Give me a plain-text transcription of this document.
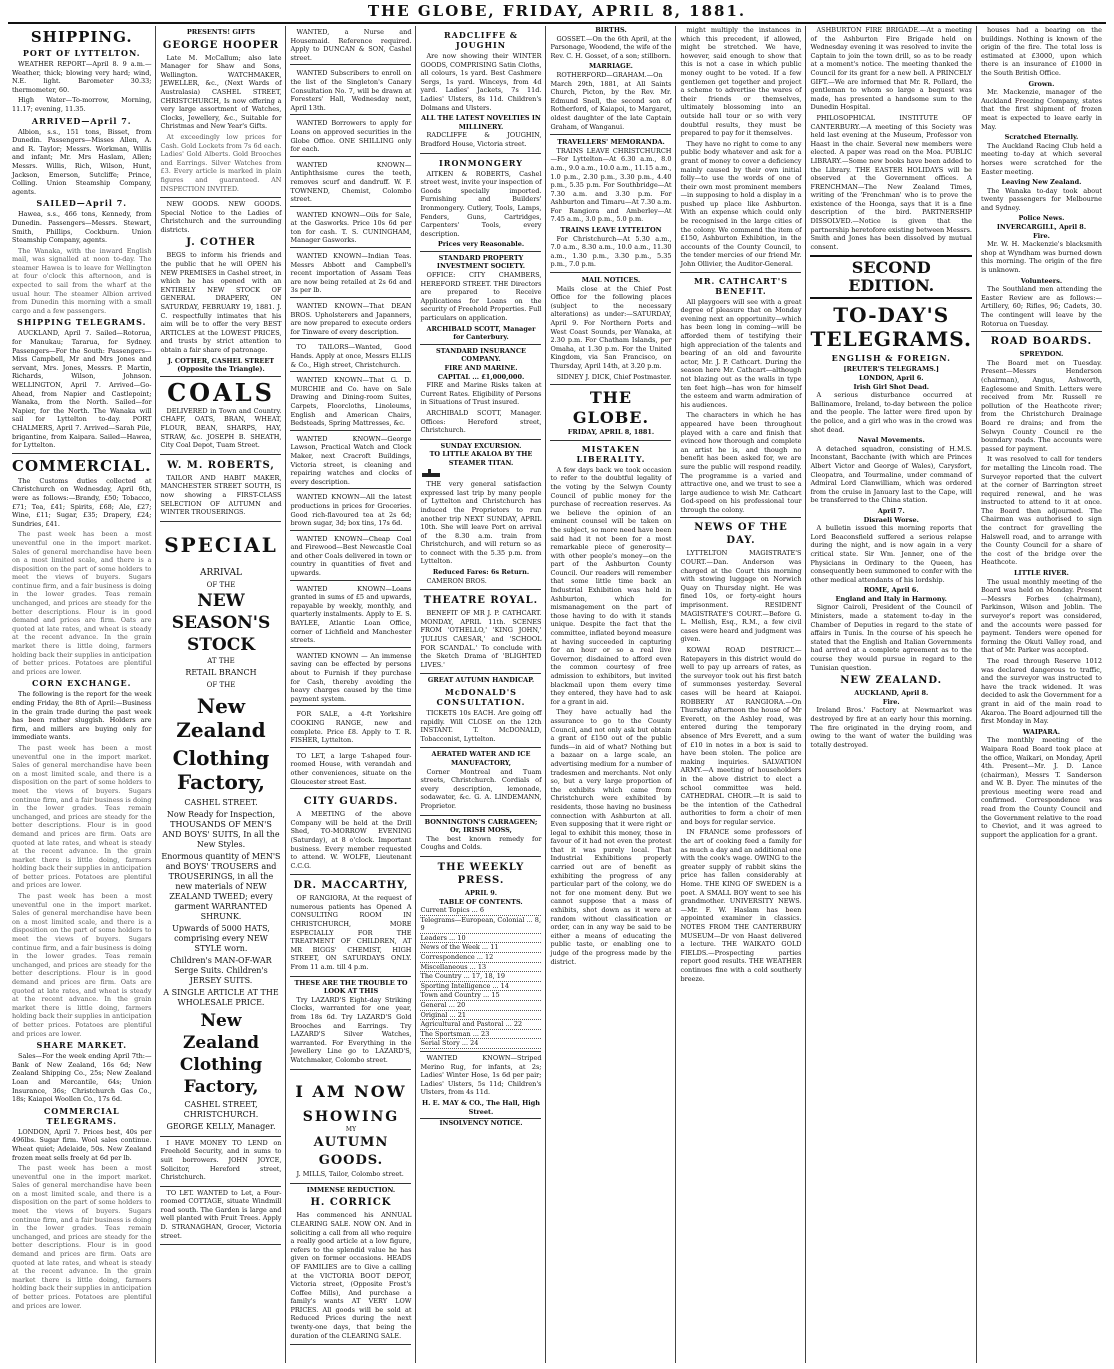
THE GLOBE, FRIDAY, APRIL 8, 1881.
SHIPPING.
PORT OF LYTTELTON.
WEATHER REPORT—April 8. 9 a.m.—Weather, thick; blowing very hard; wind, N.E. light. Barometer 30.33; thermometer, 60.
High Water—To-morrow, Morning, 11.17; evening, 11.35.
ARRIVED—April 7.
Albion, s.s., 151 tons, Bisset, from Dunedin. Passengers—Misses Allen, A. and R. Taylor; Messrs. Workman, Willis and infant; Mr. Mrs Haslam, Allen; Messrs. Willis, Rich, Wilson, Hunt, Jackson, Emerson, Sutcliffe; Prince, Colling. Union Steamship Company, agents.
SAILED—April 7.
Hawea, s.s., 466 tons, Kennedy, from Dunedin. Passengers—Messrs. Stewart, Smith, Phillips, Cockburn. Union Steamship Company, agents.
The Wanaka, with the inward English mail, was signalled at noon to-day. The steamer Hawea is to leave for Wellington at four o'clock this afternoon, and is expected to sail from the wharf at the usual hour. The steamer Albion arrived from Dunedin this morning with a small cargo and a few passengers.
SHIPPING TELEGRAMS.
AUCKLAND, April 7. Sailed—Rotorua, for Manukau; Tararua, for Sydney. Passengers—For the South: Passengers—Miss Campbell, Mr and Mrs Jones and servant, Mrs. Jones, Messrs. P. Martin, Richards, Wilson, Johnson. WELLINGTON, April 7. Arrived—Go-Ahead, from Napier and Castlepoint; Wanaka, from the North. Sailed—for Napier, for the North. The Wanaka will sail for Lyttelton to-day. PORT CHALMERS, April 7. Arrived—Sarah Pile, brigantine, from Kaipara. Sailed—Hawea, for Lyttelton.
COMMERCIAL.
The Customs duties collected at Christchurch on Wednesday, April 6th, were as follows:—Brandy, £50; Tobacco, £71; Tea, £41; Spirits, £68; Ale, £27; Wine, £11; Sugar, £35; Drapery, £24; Sundries, £41.
The past week has been a most uneventful one in the import market. Sales of general merchandise have been on a most limited scale, and there is a disposition on the part of some holders to meet the views of buyers. Sugars continue firm, and a fair business is doing in the lower grades. Teas remain unchanged, and prices are steady for the better descriptions. Flour is in good demand and prices are firm. Oats are quoted at late rates, and wheat is steady at the recent advance. In the grain market there is little doing, farmers holding back their supplies in anticipation of better prices. Potatoes are plentiful and prices are lower.
CORN EXCHANGE.
The following is the report for the week ending Friday, the 8th of April:—Business in the grain trade during the past week has been rather sluggish. Holders are firm, and millers are buying only for immediate wants.
The past week has been a most uneventful one in the import market. Sales of general merchandise have been on a most limited scale, and there is a disposition on the part of some holders to meet the views of buyers. Sugars continue firm, and a fair business is doing in the lower grades. Teas remain unchanged, and prices are steady for the better descriptions. Flour is in good demand and prices are firm. Oats are quoted at late rates, and wheat is steady at the recent advance. In the grain market there is little doing, farmers holding back their supplies in anticipation of better prices. Potatoes are plentiful and prices are lower.
The past week has been a most uneventful one in the import market. Sales of general merchandise have been on a most limited scale, and there is a disposition on the part of some holders to meet the views of buyers. Sugars continue firm, and a fair business is doing in the lower grades. Teas remain unchanged, and prices are steady for the better descriptions. Flour is in good demand and prices are firm. Oats are quoted at late rates, and wheat is steady at the recent advance. In the grain market there is little doing, farmers holding back their supplies in anticipation of better prices. Potatoes are plentiful and prices are lower.
SHARE MARKET.
Sales—For the week ending April 7th:—Bank of New Zealand, 16s 6d; New Zealand Shipping Co., 25s; New Zealand Loan and Mercantile, 64s; Union Insurance, 36s; Christchurch Gas Co., 18s; Kaiapoi Woollen Co., 17s 6d.
COMMERCIAL TELEGRAMS.
LONDON, April 7. Prices best, 40s per 496lbs. Sugar firm. Wool sales continue. Wheat quiet; Adelaide, 50s. New Zealand frozen meat sells freely at 6d per lb.
The past week has been a most uneventful one in the import market. Sales of general merchandise have been on a most limited scale, and there is a disposition on the part of some holders to meet the views of buyers. Sugars continue firm, and a fair business is doing in the lower grades. Teas remain unchanged, and prices are steady for the better descriptions. Flour is in good demand and prices are firm. Oats are quoted at late rates, and wheat is steady at the recent advance. In the grain market there is little doing, farmers holding back their supplies in anticipation of better prices. Potatoes are plentiful and prices are lower.
PRESENTS! GIFTS
GEORGE HOOPER
Late M. McCallum; also late Manager for Shaw and Sons, Wellington. WATCHMAKER, JEWELLER, &c., (Next Wards of Australasia) CASHEL STREET, CHRISTCHURCH, Is now offering a very large assortment of Watches, Clocks, Jewellery, &c., Suitable for Christmas and New Year's Gifts.
At exceedingly low prices for Cash. Gold Lockets from 7s 6d each. Ladies' Gold Alberts. Gold Brooches and Earrings. Silver Watches from £3. Every article is marked in plain figures and guaranteed. AN INSPECTION INVITED.
NEW GOODS. NEW GOODS. Special Notice to the Ladies of Christchurch and the surrounding districts.
J. COTHER
BEGS to inform his friends and the public that he will OPEN his NEW PREMISES in Cashel street, in which he has opened with an ENTIRELY NEW STOCK OF GENERAL DRAPERY, ON SATURDAY, FEBRUARY 19, 1881. J. C. respectfully intimates that his aim will be to offer the very BEST ARTICLES at the LOWEST PRICES, and trusts by strict attention to obtain a fair share of patronage.
J. COTHER, CASHEL STREET (Opposite the Triangle).
COALS
DELIVERED in Town and Country. CHAFF, OATS, BRAN, WHEAT, FLOUR, BEAN, SHARPS, HAY, STRAW, &c. JOSEPH B. SHEATH, City Coal Depot, Tuam Street.
W. M. ROBERTS,
TAILOR AND HABIT MAKER, MANCHESTER STREET SOUTH, IS now showing a FIRST-CLASS SELECTION OF AUTUMN and WINTER TROUSERINGS.
SPECIAL
ARRIVAL
OF THE
NEW SEASON'S
STOCK
AT THE
RETAIL BRANCH
OF THE
New Zealand
Clothing Factory,
CASHEL STREET.
Now Ready for Inspection, THOUSANDS OF MEN'S AND BOYS' SUITS, In all the New Styles.
Enormous quantity of MEN'S and BOYS' TROUSERS and TROUSERINGS, in all the new materials of NEW ZEALAND TWEED; every garment WARRANTED SHRUNK.
Upwards of 5000 HATS, comprising every NEW STYLE worn.
Children's MAN-OF-WAR Serge Suits. Children's JERSEY SUITS.
A SINGLE ARTICLE AT THE WHOLESALE PRICE.
New Zealand Clothing Factory,
CASHEL STREET, CHRISTCHURCH.
GEORGE KELLY, Manager.
I HAVE MONEY TO LEND on Freehold Security, and in sums to suit borrowers. JOHN JOYCE, Solicitor, Hereford street, Christchurch.
TO LET. WANTED to Let, a Four-roomed COTTAGE, situate Windmill road south. The Garden is large and well planted with Fruit Trees. Apply D. STRANAGHAN, Grocer, Victoria street.
WANTED, a Nurse and Housemaid. Reference required. Apply to DUNCAN & SON, Cashel street.
WANTED Subscribers to enroll on the list of the Singleton's Canary Consultation No. 7, will be drawn at Foresters' Hall, Wednesday next, April 13th.
WANTED Borrowers to apply for Loans on approved securities in the Globe Office. ONE SHILLING only for each.
WANTED KNOWN—Antiphthsisme cures the teeth, removes scurf and dandruff. W. F. TOWNEND, Chemist, Colombo street.
WANTED KNOWN—Oils for Sale, at the Gasworks. Price 10s 6d per ton for cash. T. S. CUNINGHAM, Manager Gasworks.
WANTED KNOWN—Indian Teas. Messrs Abbott and Campbell's recent importation of Assam Teas are now being retailed at 2s 6d and 3s per lb.
WANTED KNOWN—That DEAN BROS. Upholsterers and Japanners, are now prepared to execute orders for Tinware of every description.
TO TAILORS—Wanted, Good Hands. Apply at once, Messrs ELLIS & Co., High street, Christchurch.
WANTED KNOWN—That G. D. MURCHIE and Co. have on Sale Drawing and Dining-room Suites, Carpets, Floorcloths, Linoleums, English and American Chairs, Bedsteads, Spring Mattresses, &c.
WANTED KNOWN—George Lawson, Practical Watch and Clock Maker, next Cracroft Buildings, Victoria street, is cleaning and repairing watches and clocks of every description.
WANTED KNOWN—All the latest productions in prices for Groceries. Good rich-flavoured tea at 2s 6d; brown sugar, 3d; box tins, 17s 6d.
WANTED KNOWN—Cheap Coal and Firewood—Best Newcastle Coal and other Coals delivered in town or country in quantities of fivet and upwards.
WANTED KNOWN—Loans granted in sums of £5 and upwards, repayable by weekly, monthly, and quarterly instalments. Apply to E. S. BAYLEE, Atlantic Loan Office, corner of Lichfield and Manchester streets.
WANTED KNOWN — An immense saving can be effected by persons about to Furnish if they purchase for Cash, thereby avoiding the heavy charges caused by the time payment system.
FOR SALE, a 4-ft Yorkshire COOKING RANGE, new and complete. Price £8. Apply to T. R. FISHER, Lyttelton.
TO LET, a large T-shaped four-roomed House, with verandah and other conveniences, situate on the Gloucester street East.
CITY GUARDS.
A MEETING of the above Company will be held at the Drill Shed, TO-MORROW EVENING (Saturday), at 8 o'clock. Important business. Every member requested to attend. W. WOLFE, Lieutenant C.C.G.
DR. MACCARTHY,
OF RANGIORA, At the request of numerous patients has Opened A CONSULTING ROOM IN CHRISTCHURCH, MORE ESPECIALLY FOR THE TREATMENT OF CHILDREN, AT MR BIGGS' CHEMIST, HIGH STREET, ON SATURDAYS ONLY. From 11 a.m. till 4 p.m.
THESE ARE THE TROUBLE TO LOOK AT THIS
Try LAZARD'S Eight-day Striking Clocks, warranted for one year, from 18s 6d. Try LAZARD'S Gold Brooches and Earrings. Try LAZARD'S Silver Watches, warranted. For Everything in the Jewellery Line go to LAZARD'S, Watchmaker, Colombo street.
I AM NOW
SHOWING
MY
AUTUMN GOODS.
J. MILLS, Tailor, Colombo street.
IMMENSE REDUCTION.
H. CORRICK
Has commenced his ANNUAL CLEARING SALE. NOW ON. And in soliciting a call from all who require a really good article at a low figure, refers to the splendid value he has given on former occasions. HEADS OF FAMILIES are to Give a calling at the VICTORIA BOOT DEPOT, Victoria street, (Opposite Frost's Coffee Mills), And purchase a family's wants AT VERY LOW PRICES. All goods will be sold at Reduced Prices during the next twenty-one days, that being the duration of the CLEARING SALE.
RADCLIFFE & JOUGHIN
Are now showing their WINTER GOODS, COMPRISING Satin Cloths, all colours, 1s yard. Best Cashmere Sergs, 1s yard. Winceys, from 4d yard. Ladies' Jackets, 7s 11d. Ladies' Ulsters, 8s 11d. Children's Dolmans and Ulsters.
ALL THE LATEST NOVELTIES IN MILLINERY.
RADCLIFFE & JOUGHIN, Bradford House, Victoria street.
IRONMONGERY
AITKEN & ROBERTS, Cashel street west, invite your inspection of Goods specially imported. Furnishing and Builders' Ironmongery. Cutlery, Tools, Lamps, Fenders, Guns, Cartridges, Carpenters' Tools, every description.
Prices very Reasonable.
STANDARD PROPERTY INVESTMENT SOCIETY.
OFFICE: CITY CHAMBERS, HEREFORD STREET. THE Directors are prepared to Receive Applications for Loans on the security of Freehold Properties. Full particulars on application.
ARCHIBALD SCOTT, Manager for Canterbury.
STANDARD INSURANCE COMPANY.
FIRE AND MARINE.
CAPITAL ... £1,000,000.
FIRE and Marine Risks taken at Current Rates. Eligibility of Persons in Situations of Trust insured.
ARCHIBALD SCOTT, Manager. Offices: Hereford street, Christchurch.
SUNDAY EXCURSION.
TO LITTLE AKALOA BY THE STEAMER TITAN.
THE very general satisfaction expressed last trip by many people of Lyttelton and Christchurch has induced the Proprietors to run another trip NEXT SUNDAY, APRIL 10th. She will leave Port on arrival of the 8.30 a.m. train from Christchurch, and will return so as to connect with the 5.35 p.m. from Lyttelton.
Reduced Fares: 6s Return.
CAMERON BROS.
THEATRE ROYAL.
BENEFIT OF MR J. P. CATHCART. MONDAY, APRIL 11th. SCENES FROM 'OTHELLO,' 'KING JOHN,' 'JULIUS CAESAR,' and 'SCHOOL FOR SCANDAL.' To conclude with the Sketch Drama of 'BLIGHTED LIVES.'
GREAT AUTUMN HANDICAP.
McDONALD'S CONSULTATION.
TICKETS 10s EACH. Are going off rapidly. Will CLOSE on the 12th INSTANT. T. McDONALD, Tobacconist, Lyttelton.
AERATED WATER AND ICE MANUFACTORY,
Corner Montreal and Tuam streets, Christchurch. Cordials of every description, lemonade, sodawater, &c. G. A. LINDEMANN, Proprietor.
BONNINGTON'S CARRAGEEN; Or, IRISH MOSS,
The best known remedy for Coughs and Colds.
THE WEEKLY PRESS.
APRIL 9.
TABLE OF CONTENTS.
Current Topics ... 6
Telegrams—European, Colonial ... 8, 9
Leaders ... 10
News of the Week ... 11
Correspondence ... 12
Miscellaneous ... 13
The Country ... 17, 18, 19
Sporting Intelligence ... 14
Town and Country ... 15
General ... 20
Original ... 21
Agricultural and Pastoral ... 22
The Sportsman ... 23
Serial Story ... 24
WANTED KNOWN—Striped Merino Rug, for infants, at 2s; Ladies' Winter Hose, 1s 6d per pair; Ladies' Ulsters, 5s 11d; Children's Ulsters, from 4s 11d.
H. E. MAY & CO., The Hall, High Street.
INSOLVENCY NOTICE.
BIRTHS.
GOSSET.—On the 6th April, at the Parsonage, Woodend, the wife of the Rev. C. H. Gosset, of a son; stillborn.
MARRIAGE.
ROTHERFORD—GRAHAM.—On March 29th, 1881, at All Saints Church, Picton, by the Rev. Mr. Edmund Snell, the second son of Rotherford, of Kaiapoi, to Margaret, oldest daughter of the late Captain Graham, of Wanganui.
TRAVELLERS' MEMORANDA.
TRAINS LEAVE CHRISTCHURCH—For Lyttelton—At 6.30 a.m., 8.0 a.m., 9.0 a.m., 10.0 a.m., 11.15 a.m., 1.0 p.m., 2.30 p.m., 3.30 p.m., 4.40 p.m., 5.35 p.m. For Southbridge—At 7.30 a.m. and 3.30 p.m. For Ashburton and Timaru—At 7.30 a.m. For Rangiora and Amberley—At 7.45 a.m., 3.0 p.m., 5.0 p.m.
TRAINS LEAVE LYTTELTON
For Christchurch—At 5.30 a.m., 7.0 a.m., 8.30 a.m., 10.0 a.m., 11.30 a.m., 1.30 p.m., 3.30 p.m., 5.35 p.m., 7.0 p.m.
MAIL NOTICES.
Mails close at the Chief Post Office for the following places (subject to the necessary alterations) as under:—SATURDAY, April 9. For Northern Ports and West Coast Sounds, per Wanaka, at 2.30 p.m. For Chatham Islands, per Omaha, at 1.30 p.m. For the United Kingdom, via San Francisco, on Thursday, April 14th, at 3.20 p.m.
SIDNEY J. DICK, Chief Postmaster.
THE GLOBE.
FRIDAY, APRIL 8, 1881.
MISTAKEN LIBERALITY.
A few days back we took occasion to refer to the doubtful legality of the voting by the Selwyn County Council of public money for the purchase of recreation reserves. As we believe the opinion of an eminent counsel will be taken on the subject, so more need have been said had it not been for a most remarkable piece of generosity—with other people's money—on the part of the Ashburton County Council. Our readers will remember that some little time back an Industrial Exhibition was held in Ashburton, which for mismanagement on the part of those having to do with it stands unique. Despite the fact that the committee, inflated beyond measure at having succeeded in capturing for an hour or so a real live Governor, disdained to afford even the common courtesy of free admission to exhibitors, but invited blackmail upon them every time they entered, they have had to ask for a grant in aid.
They have actually had the assurance to go to the County Council, and not only ask but obtain a grant of £150 out of the public funds—in aid of what? Nothing but a bazaar on a large scale, an advertising medium for a number of tradesmen and merchants. Not only so, but a very large proportion of the exhibits which came from Christchurch were exhibited by residents, those having no business connection with Ashburton at all. Even supposing that it were right or legal to exhibit this money, those in favour of it had not even the protest that it was purely local. That Industrial Exhibitions properly carried out are of benefit as exhibiting the progress of any particular part of the colony, we do not for one moment deny. But we cannot suppose that a mass of exhibits, shot down as it were at random without classification or order, can in any way be said to be either a means of educating the public taste, or enabling one to judge of the progress made by the district.
might multiply the instances in which this precedent, if allowed, might be stretched. We have, however, said enough to show that this is not a case in which public money ought to be voted. If a few gentlemen get together and project a scheme to advertise the wares of their friends or themselves, ultimately blossoming into an outside hall tour or so with very doubtful results, they must be prepared to pay for it themselves.
They have no right to come to any public body whatever and ask for a grant of money to cover a deficiency mainly caused by their own initial folly—to use the words of one of their own most prominent members—in supposing to hold a display in a pushed up place like Ashburton. With an expense which could only be recognised in the large cities of the colony. We commend the item of £150, Ashburton Exhibition, in the accounts of the County Council, to the tender mercies of our friend Mr. John Ollivier, the Auditor-General.
MR. CATHCART'S BENEFIT.
All playgoers will see with a great degree of pleasure that on Monday evening next an opportunity—which has been long in coming—will be afforded them of testifying their high appreciation of the talents and bearing of an old and favourite actor, Mr. J. P. Cathcart. During the season here Mr. Cathcart—although not blazing out as the walls in type ten feet high—has won for himself the esteem and warm admiration of his audiences.
The characters in which he has appeared have been throughout played with a care and finish that evinced how thorough and complete an artist he is, and though no benefit has been asked for, we are sure the public will respond readily. The programme is a varied and attractive one, and we trust to see a large audience to wish Mr. Cathcart God-speed on his professional tour through the colony.
NEWS OF THE DAY.
LYTTELTON MAGISTRATE'S COURT.—Dan. Anderson was charged at the Court this morning with stowing luggage on Norwich Quay on Thursday night. He was fined 10s, or forty-eight hours imprisonment. RESIDENT MAGISTRATE'S COURT.—Before G. L. Mellish, Esq., R.M., a few civil cases were heard and judgment was given.
KOWAI ROAD DISTRICT.—Ratepayers in this district would do well to pay up arrears of rates, as the surveyor took out his first batch of summonses yesterday. Several cases will be heard at Kaiapoi. ROBBERY AT RANGIORA.—On Thursday afternoon the house of Mr Everett, on the Ashley road, was entered during the temporary absence of Mrs Everett, and a sum of £10 in notes in a box is said to have been stolen. The police are making inquiries. SALVATION ARMY.—A meeting of householders in the above district to elect a school committee was held. CATHEDRAL CHOIR.—It is said to be the intention of the Cathedral authorities to form a choir of men and boys for regular service.
IN FRANCE some professors of the art of cooking feed a family for as much a day and an additional one with the cook's wage. OWING to the greater supply of rabbit skins the price has fallen considerably at Home. THE KING OF SWEDEN is a poet. A SMALL BOY went to see his grandmother. UNIVERSITY NEWS.—Mr. F. W. Haslam has been appointed examiner in classics. NOTES FROM THE CANTERBURY MUSEUM—Dr von Haast delivered a lecture. THE WAIKATO GOLD FIELDS.—Prospecting parties report good results. THE WEATHER continues fine with a cold southerly breeze.
ASHBURTON FIRE BRIGADE.—At a meeting of the Ashburton Fire Brigade held on Wednesday evening it was resolved to invite the Captain to join the town drill, so as to be ready at a moment's notice. The meeting thanked the Council for its grant for a new bell. A PRINCELY GIFT.—We are informed that Mr. R. Pollard, the gentleman to whom so large a bequest was made, has presented a handsome sum to the Dunedin Hospital.
PHILOSOPHICAL INSTITUTE OF CANTERBURY.—A meeting of this Society was held last evening at the Museum, Professor von Haast in the chair. Several new members were elected. A paper was read on the Moa. PUBLIC LIBRARY.—Some new books have been added to the Library. THE EASTER HOLIDAYS will be observed at the Government offices. A FRENCHMAN—The New Zealand Times, writing of the 'Frenchman' who is to prove the existence of the Hoonga, says that it is a fine description of the bird. PARTNERSHIP DISSOLVED.—Notice is given that the partnership heretofore existing between Messrs. Smith and Jones has been dissolved by mutual consent.
SECOND EDITION.
TO-DAY'S
TELEGRAMS.
ENGLISH & FOREIGN.
[REUTER'S TELEGRAMS.]
LONDON, April 6.
Irish Girl Shot Dead.
A serious disturbance occurred at Ballinamore, Ireland, to-day between the police and the people. The latter were fired upon by the police, and a girl who was in the crowd was shot dead.
Naval Movements.
A detached squadron, consisting of H.M.S. Inconstant, Bacchante (with which are Princes Albert Victor and George of Wales), Carysfort, Cleopatra, and Tourmaline, under command of Admiral Lord Clanwilliam, which was ordered from the cruise in January last to the Cape, will be transferred to the China station.
April 7.
Disraeli Worse.
A bulletin issued this morning reports that Lord Beaconsfield suffered a serious relapse during the night, and is now again in a very critical state. Sir Wm. Jenner, one of the Physicians in Ordinary to the Queen, has consequently been summoned to confer with the other medical attendants of his lordship.
ROME, April 6.
England and Italy in Harmony.
Signor Cairoli, President of the Council of Ministers, made a statement to-day in the Chamber of Deputies in regard to the state of affairs in Tunis. In the course of his speech he stated that the English and Italian Governments had arrived at a complete agreement as to the course they would pursue in regard to the Tunisian question.
NEW ZEALAND.
AUCKLAND, April 8.
Fire.
Ireland Bros.' Factory at Newmarket was destroyed by fire at an early hour this morning. The fire originated in the drying room, and owing to the want of water the building was totally destroyed.
houses had a bearing on the buildings. Nothing is known of the origin of the fire. The total loss is estimated at £3000, upon which there is an insurance of £1000 in the South British Office.
Grown.
Mr. Mackenzie, manager of the Auckland Freezing Company, states that the first shipment of frozen meat is expected to leave early in May.
Scratched Eternally.
The Auckland Racing Club held a meeting to-day at which several horses were scratched for the Easter meeting.
Leaving New Zealand.
The Wanaka to-day took about twenty passengers for Melbourne and Sydney.
Police News.
INVERCARGILL, April 8.
Fire.
Mr. W. H. Mackenzie's blacksmith shop at Wyndham was burned down this morning. The origin of the fire is unknown.
Volunteers.
The Southland men attending the Easter Review are as follows:—Artillery, 60; Rifles, 96; Cadets, 30. The contingent will leave by the Rotorua on Tuesday.
ROAD BOARDS.
SPREYDON.
The Board met on Tuesday. Present—Messrs Henderson (chairman), Angus, Ashworth, Eaglesome and Smith. Letters were received from Mr. Russell re pollution of the Heathcote river; from the Christchurch Drainage Board re drains; and from the Selwyn County Council re the boundary roads. The accounts were passed for payment.
It was resolved to call for tenders for metalling the Lincoln road. The Surveyor reported that the culvert at the corner of Barrington street required renewal, and he was instructed to attend to it at once. The Board then adjourned. The Chairman was authorised to sign the contract for gravelling the Halswell road, and to arrange with the County Council for a share of the cost of the bridge over the Heathcote.
LITTLE RIVER.
The usual monthly meeting of the Board was held on Monday. Present—Messrs Forbes (chairman), Parkinson, Wilson and Joblin. The surveyor's report was considered, and the accounts were passed for payment. Tenders were opened for forming the Okuti Valley road, and that of Mr. Parker was accepted.
The road through Reserve 1012 was declared dangerous to traffic, and the surveyor was instructed to have the track widened. It was decided to ask the Government for a grant in aid of the main road to Akaroa. The Board adjourned till the first Monday in May.
WAIPARA.
The monthly meeting of the Waipara Road Board took place at the office, Waikari, on Monday, April 4th. Present—Mr. J. D. Lance (chairman), Messrs T. Sanderson and W. B. Dyer. The minutes of the previous meeting were read and confirmed. Correspondence was read from the County Council and the Government relative to the road to Cheviot, and it was agreed to support the application for a grant.
